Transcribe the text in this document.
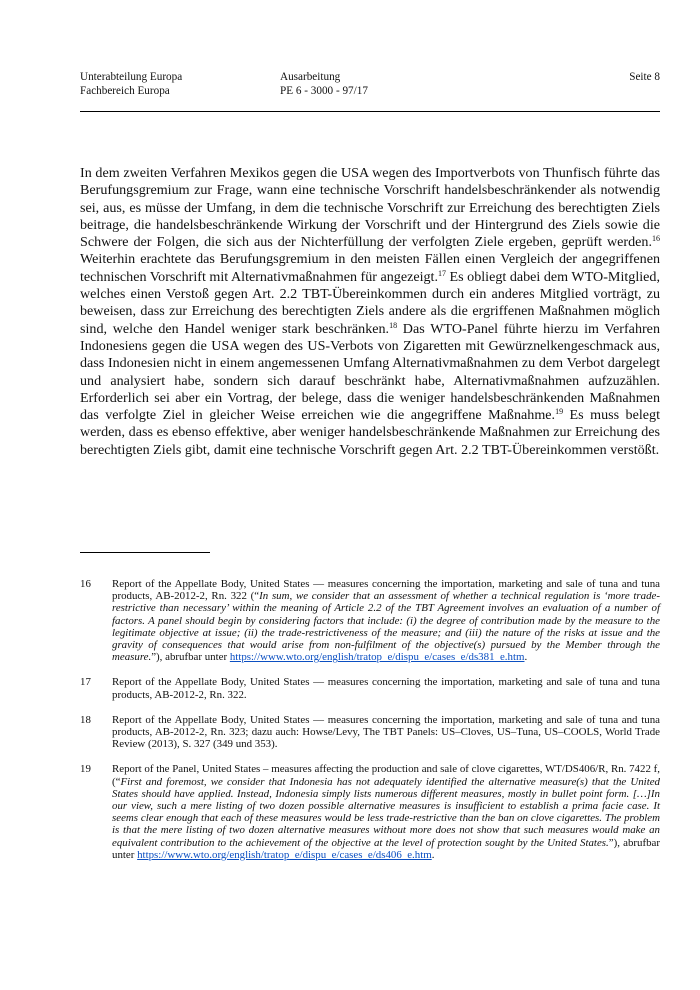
Unterabteilung Europa
Fachbereich Europa
Ausarbeitung
PE 6 - 3000 - 97/17
Seite 8
In dem zweiten Verfahren Mexikos gegen die USA wegen des Importverbots von Thunfisch führte das Berufungsgremium zur Frage, wann eine technische Vorschrift handelsbeschränkender als notwendig sei, aus, es müsse der Umfang, in dem die technische Vorschrift zur Erreichung des berechtigten Ziels beitrage, die handelsbeschränkende Wirkung der Vorschrift und der Hintergrund des Ziels sowie die Schwere der Folgen, die sich aus der Nichterfüllung der verfolgten Ziele ergeben, geprüft werden.$^{16}$ Weiterhin erachtete das Berufungsgremium in den meisten Fällen einen Vergleich der angegriffenen technischen Vorschrift mit Alternativmaßnahmen für angezeigt.$^{17}$ Es obliegt dabei dem WTO-Mitglied, welches einen Verstoß gegen Art. 2.2 TBT-Übereinkommen durch ein anderes Mitglied vorträgt, zu beweisen, dass zur Erreichung des berechtigten Ziels andere als die ergriffenen Maßnahmen möglich sind, welche den Handel weniger stark beschränken.$^{18}$ Das WTO-Panel führte hierzu im Verfahren Indonesiens gegen die USA wegen des US-Verbots von Zigaretten mit Gewürznelkengeschmack aus, dass Indonesien nicht in einem angemessenen Umfang Alternativmaßnahmen zu dem Verbot dargelegt und analysiert habe, sondern sich darauf beschränkt habe, Alternativmaßnahmen aufzuzählen. Erforderlich sei aber ein Vortrag, der belege, dass die weniger handelsbeschränkenden Maßnahmen das verfolgte Ziel in gleicher Weise erreichen wie die angegriffene Maßnahme.$^{19}$ Es muss belegt werden, dass es ebenso effektive, aber weniger handelsbeschränkende Maßnahmen zur Erreichung des berechtigten Ziels gibt, damit eine technische Vorschrift gegen Art. 2.2 TBT-Übereinkommen verstößt.
16 Report of the Appellate Body, United States — measures concerning the importation, marketing and sale of tuna and tuna products, AB-2012-2, Rn. 322 (“In sum, we consider that an assessment of whether a technical regulation is ‘more trade-restrictive than necessary’ within the meaning of Article 2.2 of the TBT Agreement involves an evaluation of a number of factors. A panel should begin by considering factors that include: (i) the degree of contribution made by the measure to the legitimate objective at issue; (ii) the trade-restrictiveness of the measure; and (iii) the nature of the risks at issue and the gravity of consequences that would arise from non-fulfilment of the objective(s) pursued by the Member through the measure.”), abrufbar unter https://www.wto.org/english/tratop_e/dispu_e/cases_e/ds381_e.htm.
17 Report of the Appellate Body, United States — measures concerning the importation, marketing and sale of tuna and tuna products, AB-2012-2, Rn. 322.
18 Report of the Appellate Body, United States — measures concerning the importation, marketing and sale of tuna and tuna products, AB-2012-2, Rn. 323; dazu auch: Howse/Levy, The TBT Panels: US–Cloves, US–Tuna, US–COOLS, World Trade Review (2013), S. 327 (349 und 353).
19 Report of the Panel, United States – measures affecting the production and sale of clove cigarettes, WT/DS406/R, Rn. 7422 f, (“First and foremost, we consider that Indonesia has not adequately identified the alternative measure(s) that the United States should have applied. Instead, Indonesia simply lists numerous different measures, mostly in bullet point form. […]In our view, such a mere listing of two dozen possible alternative measures is insufficient to establish a prima facie case. It seems clear enough that each of these measures would be less trade-restrictive than the ban on clove cigarettes. The problem is that the mere listing of two dozen alternative measures without more does not show that such measures would make an equivalent contribution to the achievement of the objective at the level of protection sought by the United States.”), abrufbar unter https://www.wto.org/english/tratop_e/dispu_e/cases_e/ds406_e.htm.
